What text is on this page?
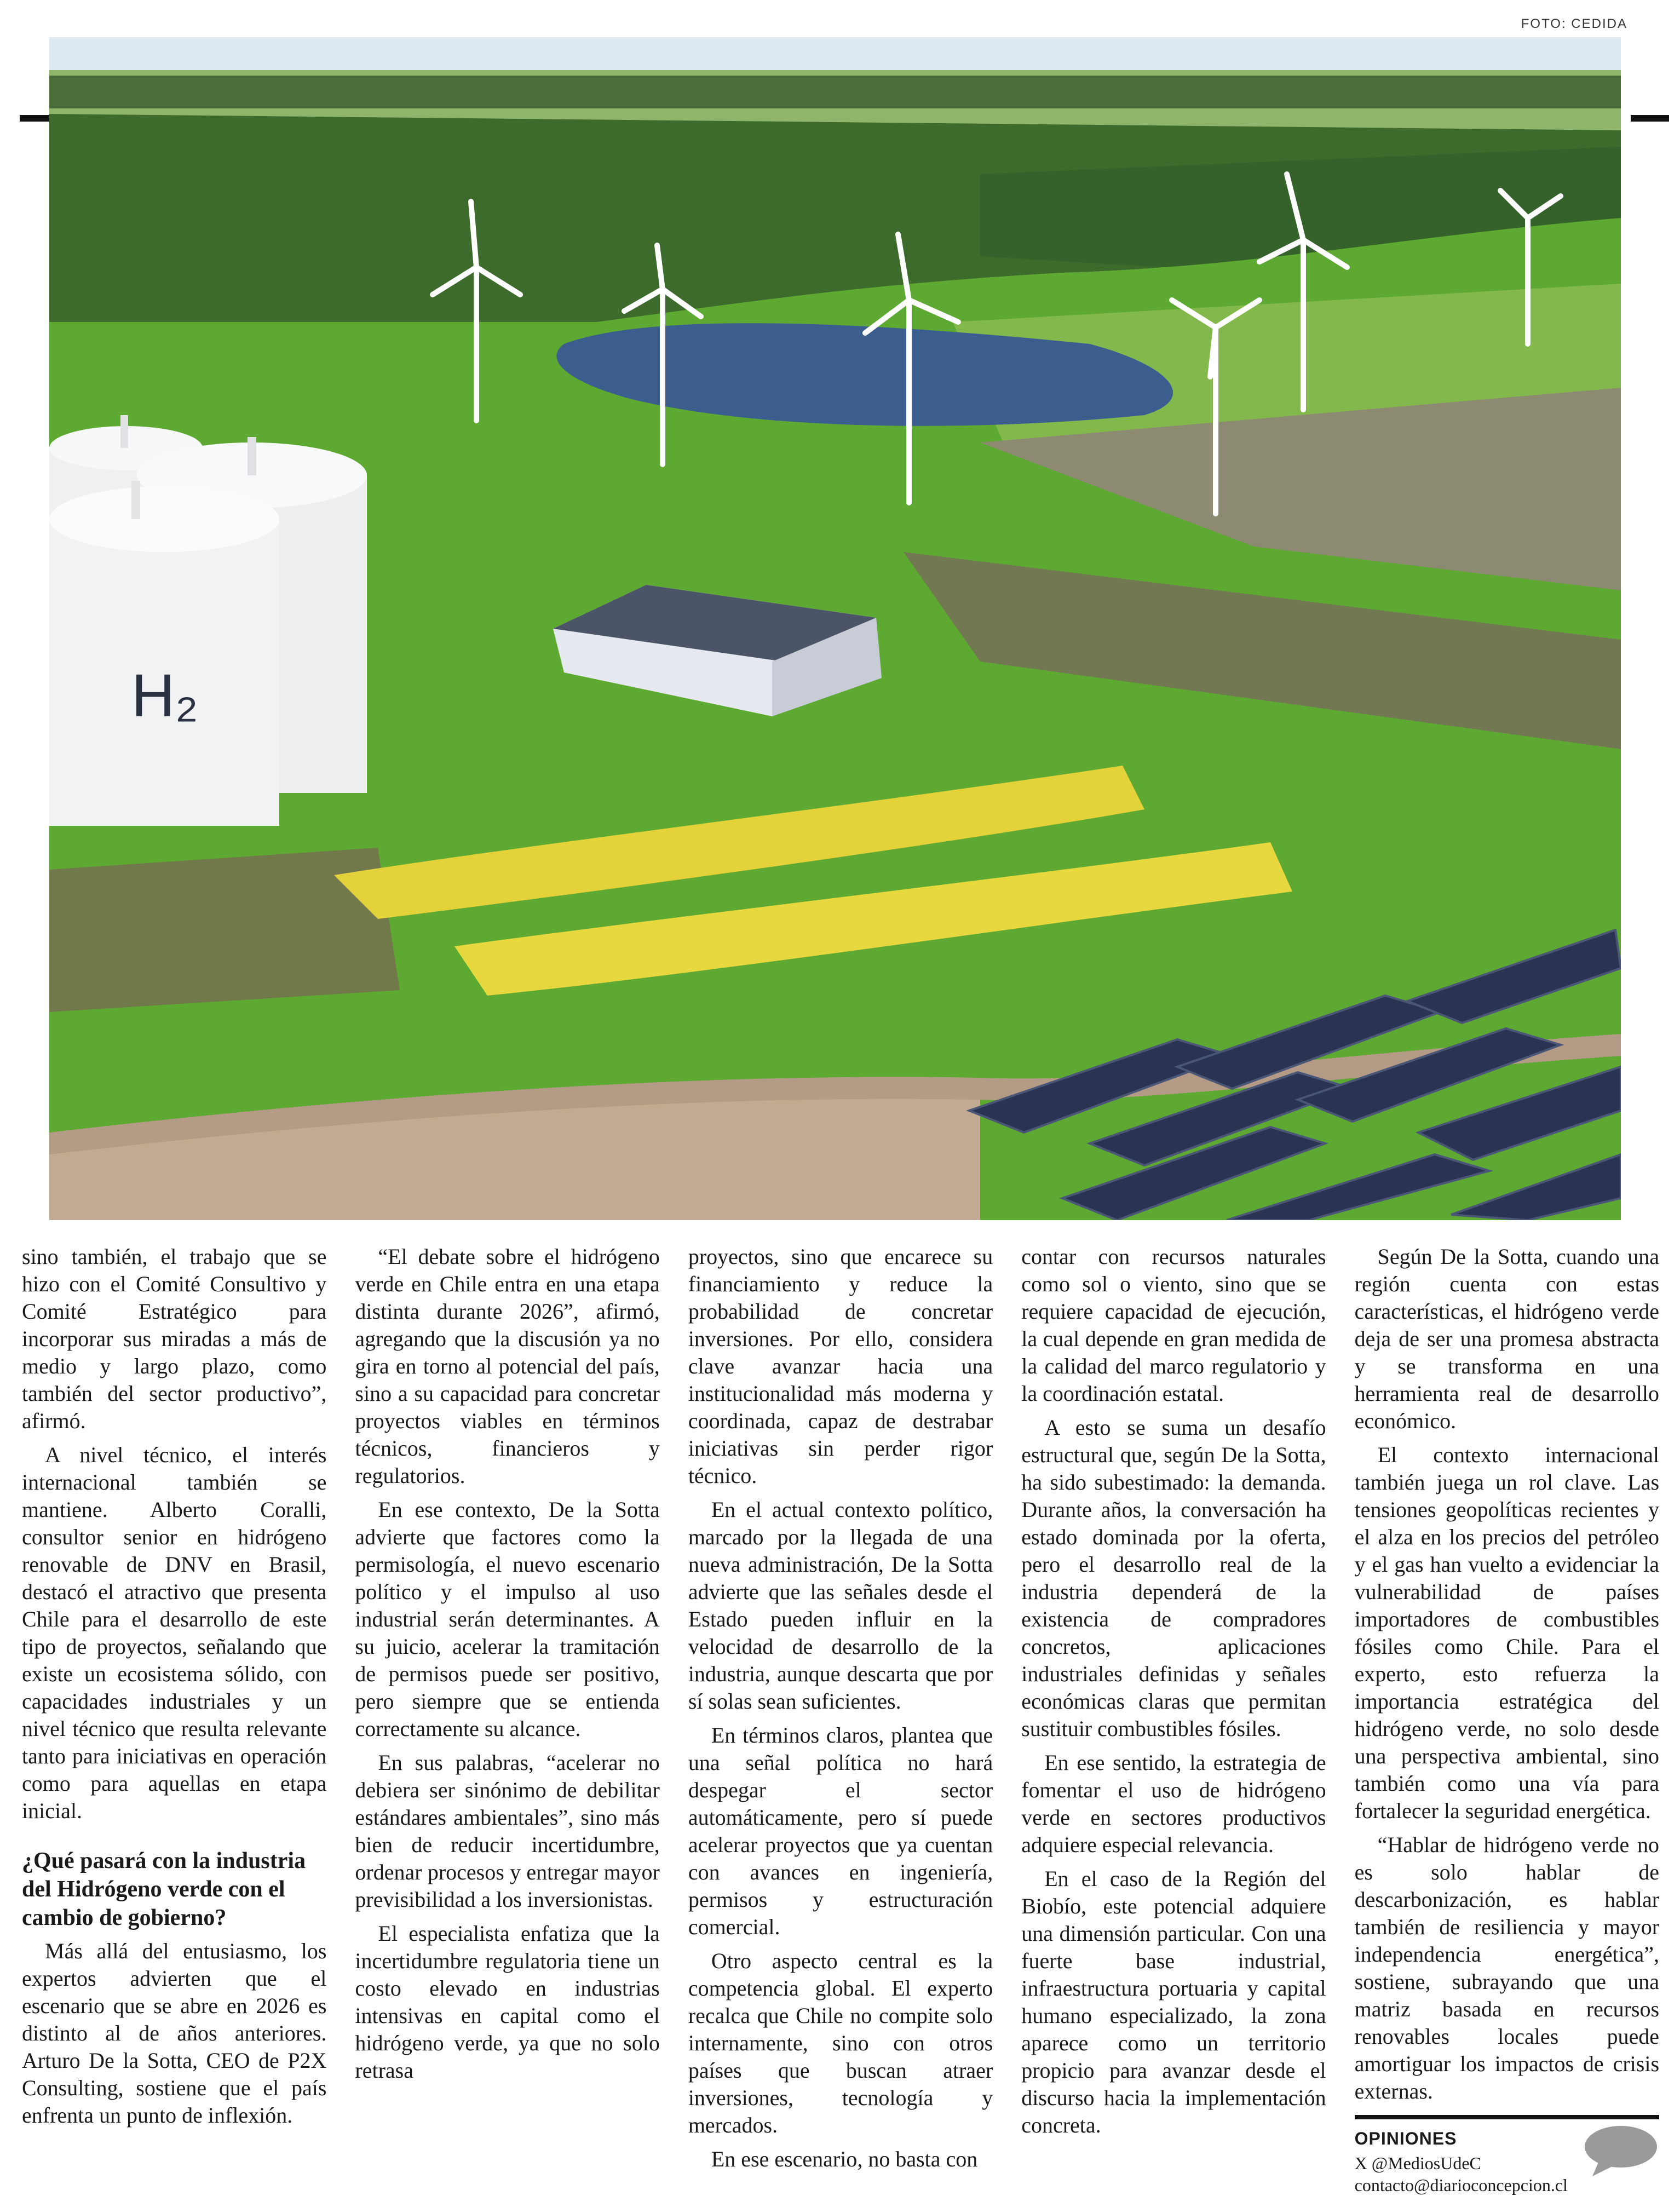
FOTO: CEDIDA
H₂

sino también, el trabajo que se hizo con el Comité Consultivo y Comité Estratégico para incorporar sus miradas a más de medio y largo plazo, como también del sector productivo”, afirmó.

A nivel técnico, el interés internacional también se mantiene. Alberto Coralli, consultor senior en hidrógeno renovable de DNV en Brasil, destacó el atractivo que presenta Chile para el desarrollo de este tipo de proyectos, señalando que existe un ecosistema sólido, con capacidades industriales y un nivel técnico que resulta relevante tanto para iniciativas en operación como para aquellas en etapa inicial.

¿Qué pasará con la industria del Hidrógeno verde con el cambio de gobierno?

Más allá del entusiasmo, los expertos advierten que el escenario que se abre en 2026 es distinto al de años anteriores. Arturo De la Sotta, CEO de P2X Consulting, sostiene que el país enfrenta un punto de inflexión.

“El debate sobre el hidrógeno verde en Chile entra en una etapa distinta durante 2026”, afirmó, agregando que la discusión ya no gira en torno al potencial del país, sino a su capacidad para concretar proyectos viables en términos técnicos, financieros y regulatorios.

En ese contexto, De la Sotta advierte que factores como la permisología, el nuevo escenario político y el impulso al uso industrial serán determinantes. A su juicio, acelerar la tramitación de permisos puede ser positivo, pero siempre que se entienda correctamente su alcance.

En sus palabras, “acelerar no debiera ser sinónimo de debilitar estándares ambientales”, sino más bien de reducir incertidumbre, ordenar procesos y entregar mayor previsibilidad a los inversionistas.

El especialista enfatiza que la incertidumbre regulatoria tiene un costo elevado en industrias intensivas en capital como el hidrógeno verde, ya que no solo retrasa

proyectos, sino que encarece su financiamiento y reduce la probabilidad de concretar inversiones. Por ello, considera clave avanzar hacia una institucionalidad más moderna y coordinada, capaz de destrabar iniciativas sin perder rigor técnico.

En el actual contexto político, marcado por la llegada de una nueva administración, De la Sotta advierte que las señales desde el Estado pueden influir en la velocidad de desarrollo de la industria, aunque descarta que por sí solas sean suficientes.

En términos claros, plantea que una señal política no hará despegar el sector automáticamente, pero sí puede acelerar proyectos que ya cuentan con avances en ingeniería, permisos y estructuración comercial.

Otro aspecto central es la competencia global. El experto recalca que Chile no compite solo internamente, sino con otros países que buscan atraer inversiones, tecnología y mercados.

En ese escenario, no basta con

contar con recursos naturales como sol o viento, sino que se requiere capacidad de ejecución, la cual depende en gran medida de la calidad del marco regulatorio y la coordinación estatal.

A esto se suma un desafío estructural que, según De la Sotta, ha sido subestimado: la demanda. Durante años, la conversación ha estado dominada por la oferta, pero el desarrollo real de la industria dependerá de la existencia de compradores concretos, aplicaciones industriales definidas y señales económicas claras que permitan sustituir combustibles fósiles.

En ese sentido, la estrategia de fomentar el uso de hidrógeno verde en sectores productivos adquiere especial relevancia.

En el caso de la Región del Biobío, este potencial adquiere una dimensión particular. Con una fuerte base industrial, infraestructura portuaria y capital humano especializado, la zona aparece como un territorio propicio para avanzar desde el discurso hacia la implementación concreta.

Según De la Sotta, cuando una región cuenta con estas características, el hidrógeno verde deja de ser una promesa abstracta y se transforma en una herramienta real de desarrollo económico.

El contexto internacional también juega un rol clave. Las tensiones geopolíticas recientes y el alza en los precios del petróleo y el gas han vuelto a evidenciar la vulnerabilidad de países importadores de combustibles fósiles como Chile. Para el experto, esto refuerza la importancia estratégica del hidrógeno verde, no solo desde una perspectiva ambiental, sino también como una vía para fortalecer la seguridad energética.

“Hablar de hidrógeno verde no es solo hablar de descarbonización, es hablar también de resiliencia y mayor independencia energética”, sostiene, subrayando que una matriz basada en recursos renovables locales puede amortiguar los impactos de crisis externas.

OPINIONES
X @MediosUdeC
contacto@diarioconcepcion.cl
